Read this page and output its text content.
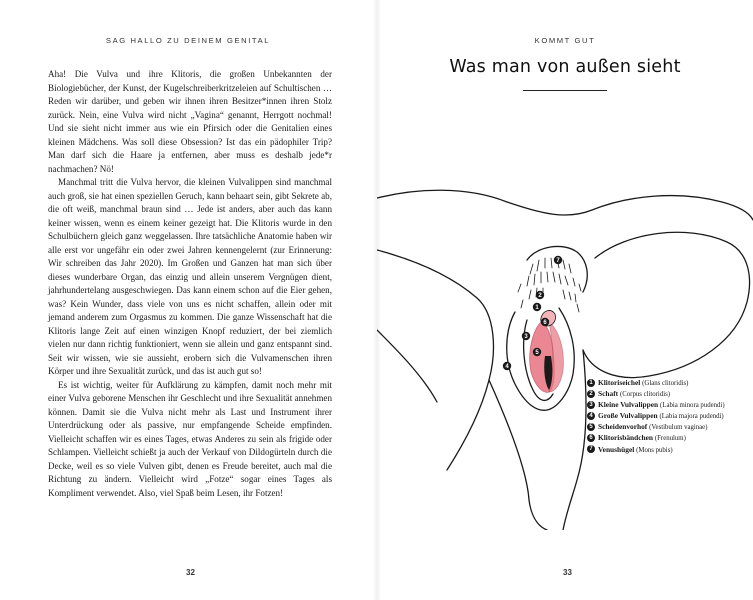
SAG HALLO ZU DEINEM GENITAL

Aha! Die Vulva und ihre Klitoris, die großen Unbekannten der Biologiebücher, der Kunst, der Kugelschreiberkritzeleien auf Schultischen … Reden wir darüber, und geben wir ihnen ihren Besitzer*innen ihren Stolz zurück. Nein, eine Vulva wird nicht „Vagina“ genannt, Herrgott nochmal! Und sie sieht nicht immer aus wie ein Pfirsich oder die Genitalien eines kleinen Mädchens. Was soll diese Obsession? Ist das ein pädophiler Trip? Man darf sich die Haare ja entfernen, aber muss es deshalb jede*r nachmachen? Nö!

Manchmal tritt die Vulva hervor, die kleinen Vulvalippen sind manchmal auch groß, sie hat einen speziellen Geruch, kann behaart sein, gibt Sekrete ab, die oft weiß, manchmal braun sind … Jede ist anders, aber auch das kann keiner wissen, wenn es einem keiner gezeigt hat. Die Klitoris wurde in den Schulbüchern gleich ganz weggelassen. Ihre tatsächliche Anatomie haben wir alle erst vor ungefähr ein oder zwei Jahren kennengelernt (zur Erinnerung: Wir schreiben das Jahr 2020). Im Großen und Ganzen hat man sich über dieses wunderbare Organ, das einzig und allein unserem Vergnügen dient, jahrhundertelang ausgeschwiegen. Das kann einem schon auf die Eier gehen, was? Kein Wunder, dass viele von uns es nicht schaffen, allein oder mit jemand anderem zum Orgasmus zu kommen. Die ganze Wissenschaft hat die Klitoris lange Zeit auf einen winzigen Knopf reduziert, der bei ziemlich vielen nur dann richtig funktioniert, wenn sie allein und ganz entspannt sind. Seit wir wissen, wie sie aussieht, erobern sich die Vulvamenschen ihren Körper und ihre Sexualität zurück, und das ist auch gut so!

Es ist wichtig, weiter für Aufklärung zu kämpfen, damit noch mehr mit einer Vulva geborene Menschen ihr Geschlecht und ihre Sexualität annehmen können. Damit sie die Vulva nicht mehr als Last und Instrument ihrer Unterdrückung oder als passive, nur empfangende Scheide empfinden. Vielleicht schaffen wir es eines Tages, etwas Anderes zu sein als frigide oder Schlampen. Vielleicht schießt ja auch der Verkauf von Dildogürteln durch die Decke, weil es so viele Vulven gibt, denen es Freude bereitet, auch mal die Richtung zu ändern. Vielleicht wird „Fotze“ sogar eines Tages als Kompliment verwendet. Also, viel Spaß beim Lesen, ihr Fotzen!

32
KOMMT GUT
Was man von außen sieht
7
2
1
6
3
5
4
1 Klitoriseichel (Glans clitoridis)
2 Schaft (Corpus clitoridis)
3 Kleine Vulvalippen (Labia minora pudendi)
4 Große Vulvalippen (Labia majora pudendi)
5 Scheidenvorhof (Vestibulum vaginae)
6 Klitorisbändchen (Frenulum)
7 Venushügel (Mons pubis)
33
